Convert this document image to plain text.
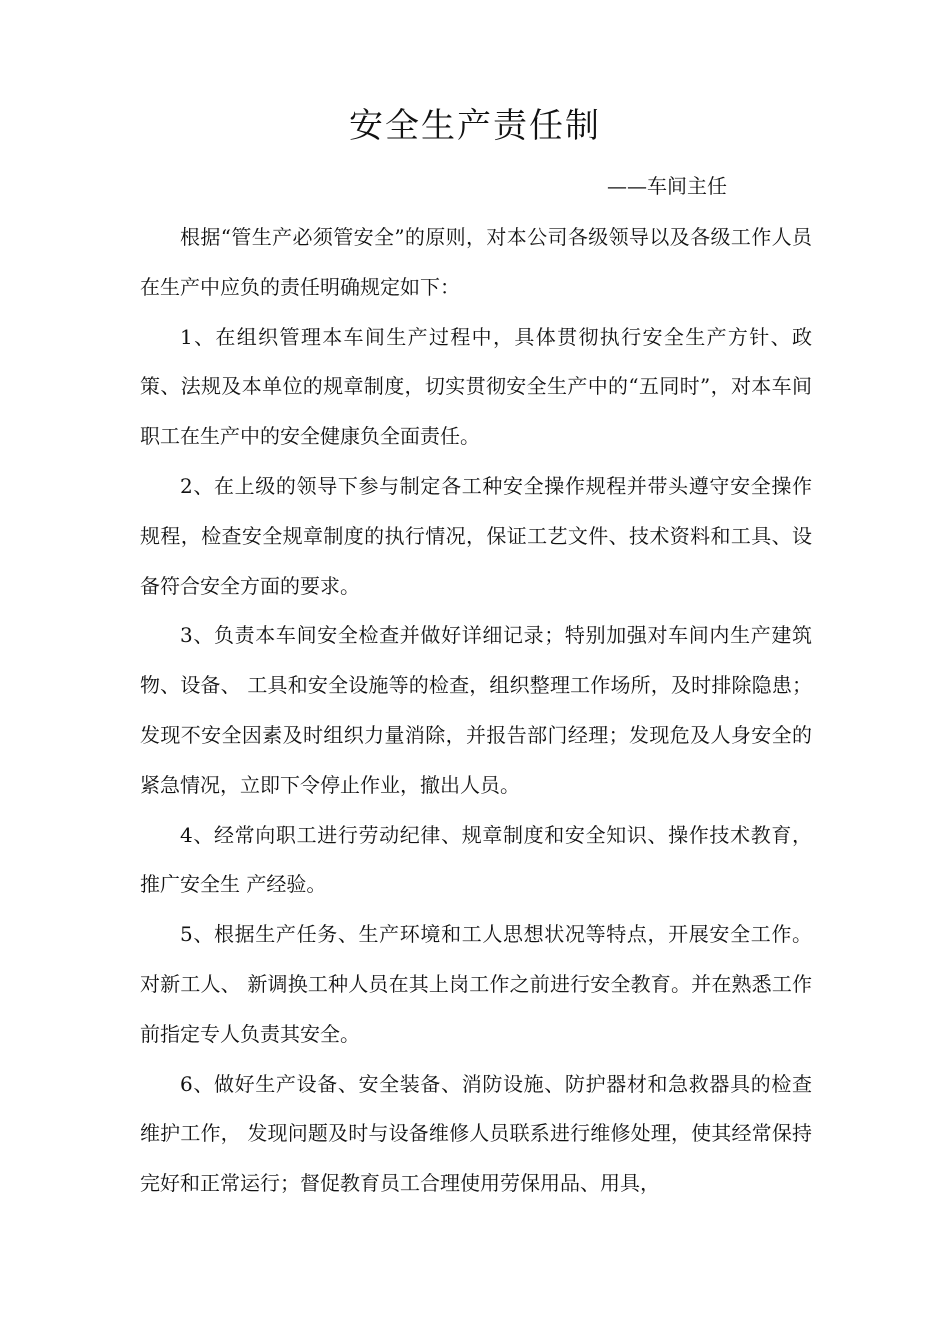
安全生产责任制
——车间主任

根据“管生产必须管安全”的原则，对本公司各级领导以及各级工作人员在生产中应负的责任明确规定如下：

1、在组织管理本车间生产过程中，具体贯彻执行安全生产方针、政策、法规及本单位的规章制度，切实贯彻安全生产中的“五同时”，对本车间职工在生产中的安全健康负全面责任。

2、在上级的领导下参与制定各工种安全操作规程并带头遵守安全操作规程，检查安全规章制度的执行情况，保证工艺文件、技术资料和工具、设备符合安全方面的要求。

3、负责本车间安全检查并做好详细记录；特别加强对车间内生产建筑物、设备、 工具和安全设施等的检查，组织整理工作场所，及时排除隐患；发现不安全因素及时组织力量消除，并报告部门经理；发现危及人身安全的紧急情况，立即下令停止作业，撤出人员。

4、经常向职工进行劳动纪律、规章制度和安全知识、操作技术教育，推广安全生 产经验。

5、根据生产任务、生产环境和工人思想状况等特点，开展安全工作。对新工人、 新调换工种人员在其上岗工作之前进行安全教育。并在熟悉工作前指定专人负责其安全。

6、做好生产设备、安全装备、消防设施、防护器材和急救器具的检查维护工作， 发现问题及时与设备维修人员联系进行维修处理，使其经常保持完好和正常运行；督促教育员工合理使用劳保用品、用具，
